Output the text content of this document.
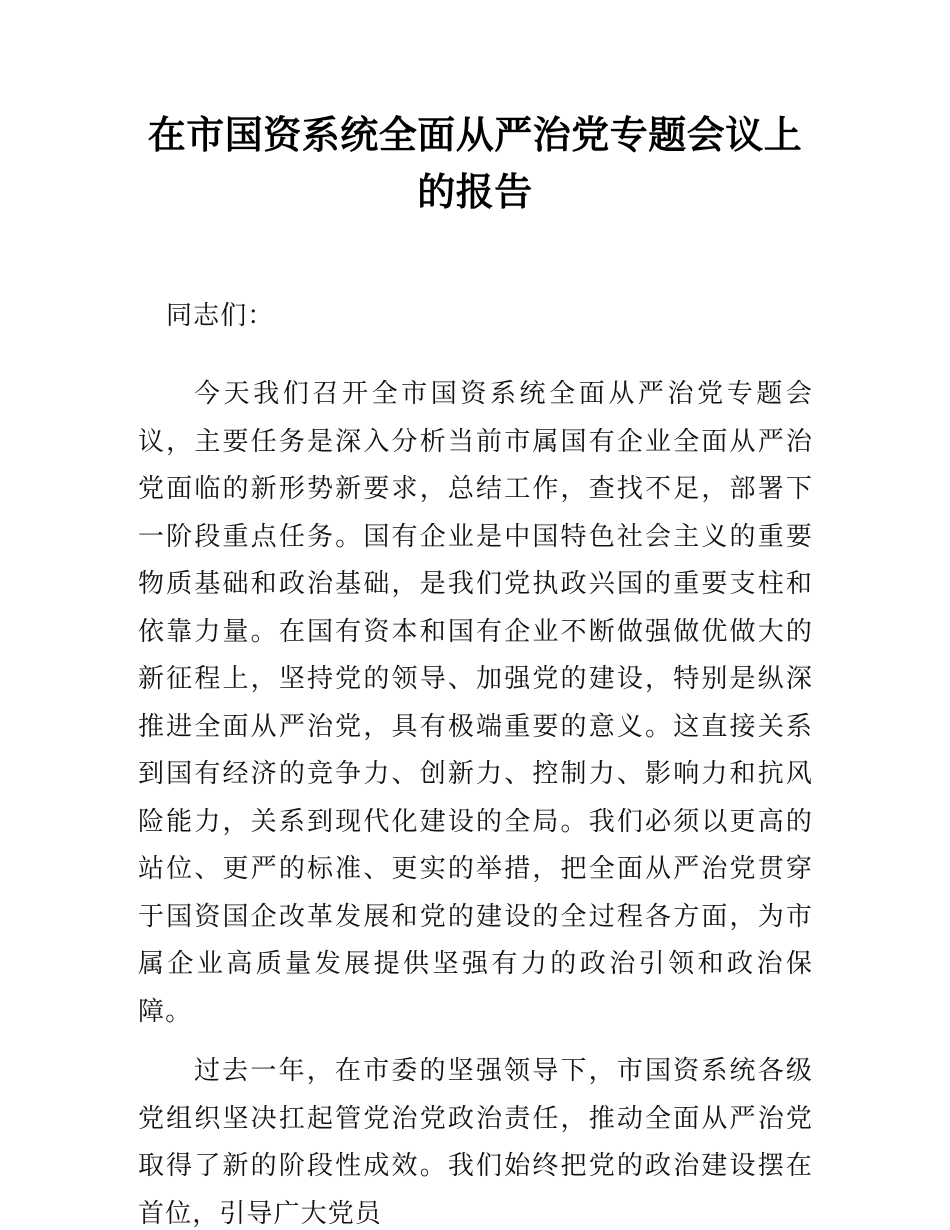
在市国资系统全面从严治党专题会议上的报告

同志们：

今天我们召开全市国资系统全面从严治党专题会议，主要任务是深入分析当前市属国有企业全面从严治党面临的新形势新要求，总结工作，查找不足，部署下一阶段重点任务。国有企业是中国特色社会主义的重要物质基础和政治基础，是我们党执政兴国的重要支柱和依靠力量。在国有资本和国有企业不断做强做优做大的新征程上，坚持党的领导、加强党的建设，特别是纵深推进全面从严治党，具有极端重要的意义。这直接关系到国有经济的竞争力、创新力、控制力、影响力和抗风险能力，关系到现代化建设的全局。我们必须以更高的站位、更严的标准、更实的举措，把全面从严治党贯穿于国资国企改革发展和党的建设的全过程各方面，为市属企业高质量发展提供坚强有力的政治引领和政治保障。

过去一年，在市委的坚强领导下，市国资系统各级党组织坚决扛起管党治党政治责任，推动全面从严治党取得了新的阶段性成效。我们始终把党的政治建设摆在首位，引导广大党员
